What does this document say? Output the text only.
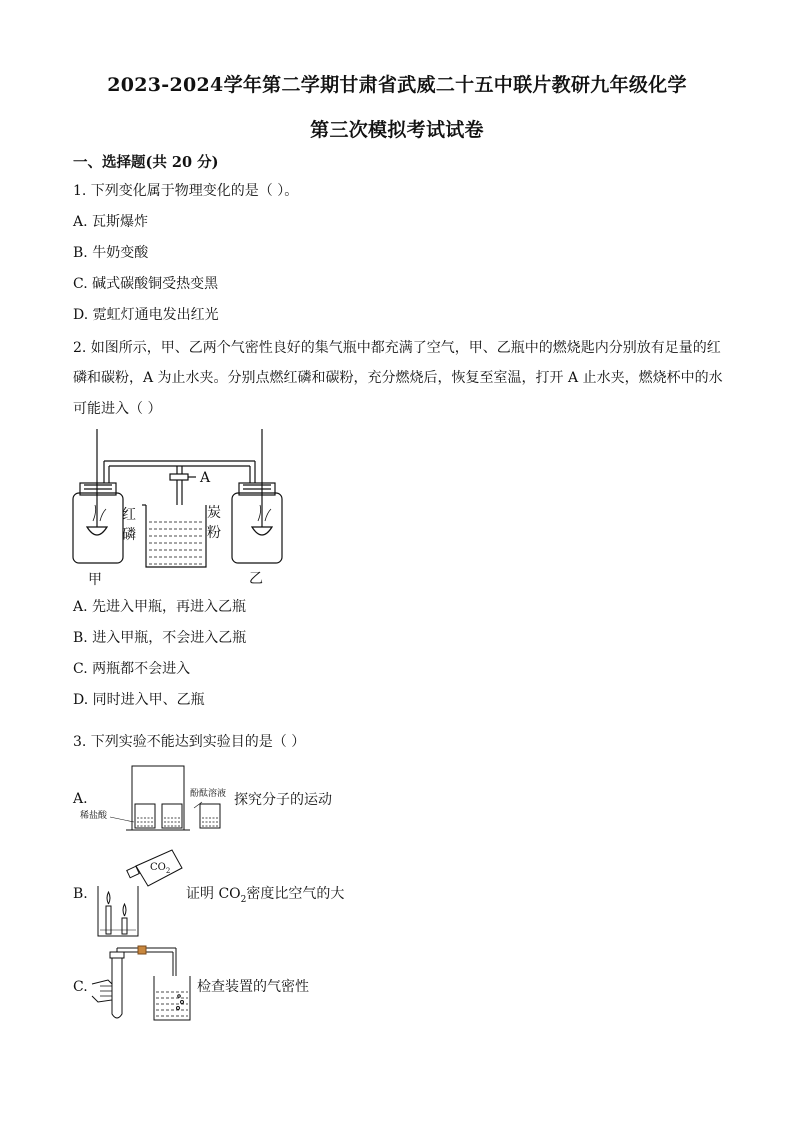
2023-2024学年第二学期甘肃省武威二十五中联片教研九年级化学
第三次模拟考试试卷
一、选择题(共 20 分)
1. 下列变化属于物理变化的是（ ）。
A. 瓦斯爆炸
B. 牛奶变酸
C. 碱式碳酸铜受热变黑
D. 霓虹灯通电发出红光
2. 如图所示，甲、乙两个气密性良好的集气瓶中都充满了空气，甲、乙瓶中的燃烧匙内分别放有足量的红
磷和碳粉，A 为止水夹。分别点燃红磷和碳粉，充分燃烧后，恢复至室温，打开 A 止水夹，燃烧杯中的水
可能进入（ ）
A
红
磷
炭
粉
甲	乙
A. 先进入甲瓶，再进入乙瓶
B. 进入甲瓶，不会进入乙瓶
C. 两瓶都不会进入
D. 同时进入甲、乙瓶
3. 下列实验不能达到实验目的是（ ）
A.
稀盐酸
酚酞溶液 探究分子的运动
B.
$CO_2$
证明 $CO_2$密度比空气的大
C.	检查装置的气密性
